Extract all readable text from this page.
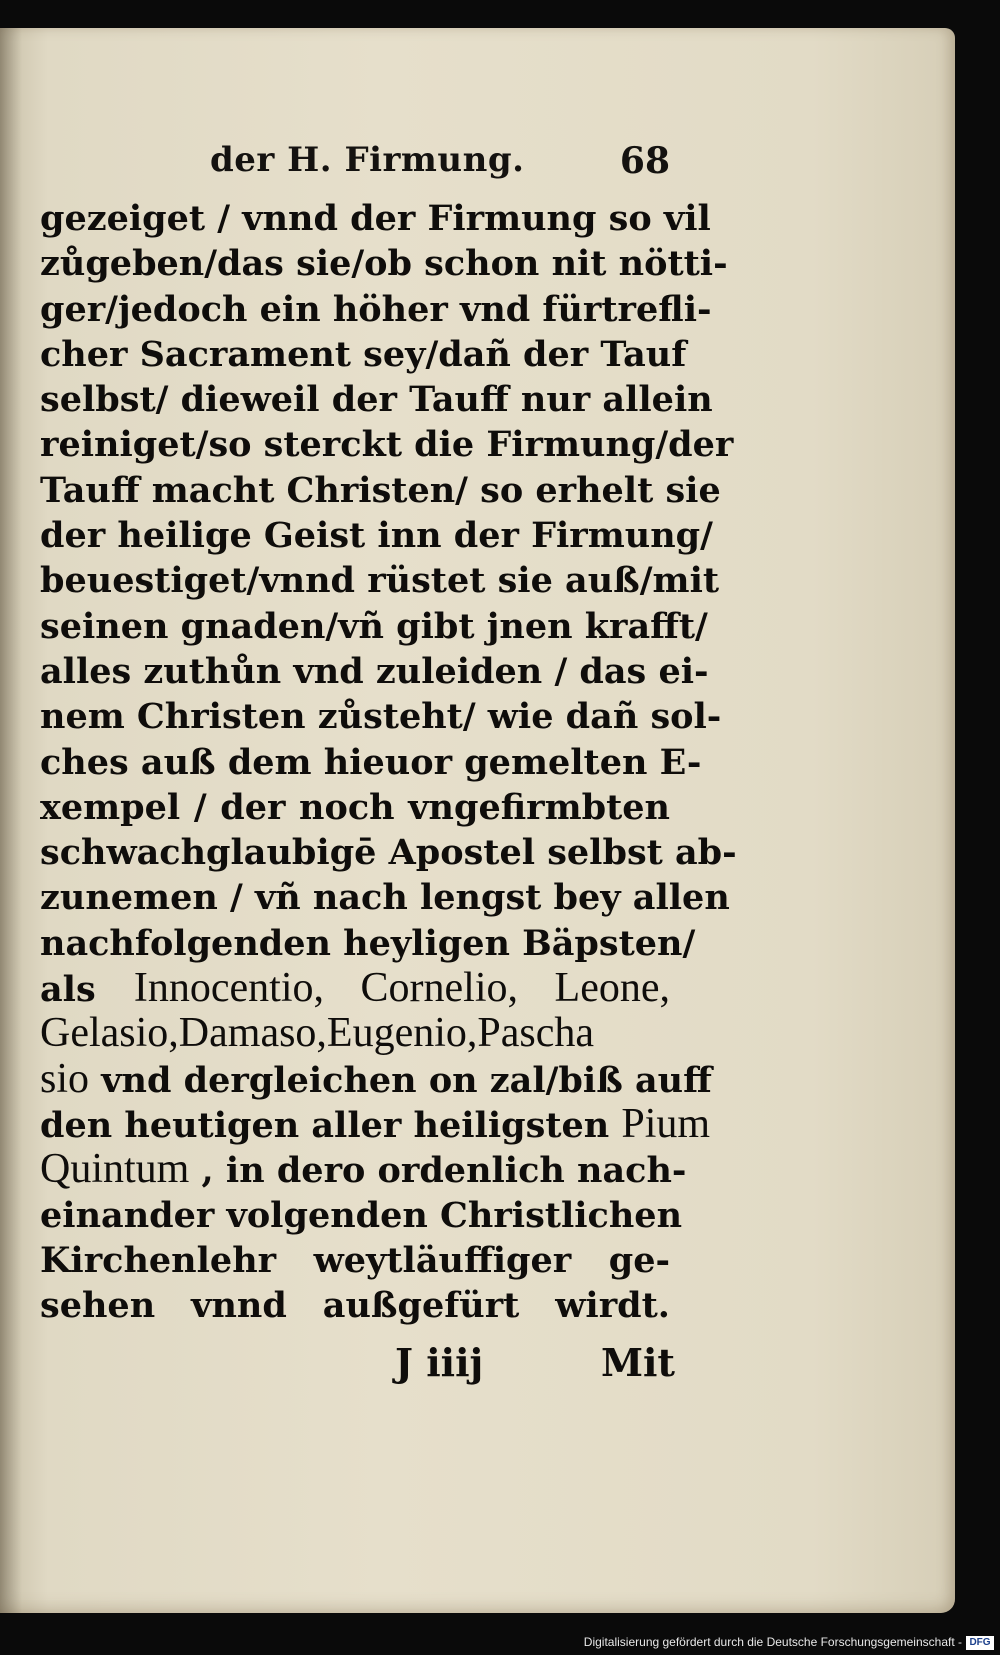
der H. Firmung.	68
gezeiget / vnnd der Firmung so vil
zůgeben/das sie/ob schon nit nötti-
ger/jedoch ein höher vnd fürtrefli-
cher Sacrament sey/dañ der Tauf
selbst/ dieweil der Tauff nur allein
reiniget/so sterckt die Firmung/der
Tauff macht Christen/ so erhelt sie
der heilige Geist inn der Firmung/
beuestiget/vnnd rüstet sie auß/mit
seinen gnaden/vñ gibt jnen krafft/
alles zuthůn vnd zuleiden / das ei-
nem Christen zůsteht/ wie dañ sol-
ches auß dem hieuor gemelten E-
xempel / der noch vngefirmbten
schwachglaubigē Apostel selbst ab-
zunemen / vñ nach lengst bey allen
nachfolgenden heyligen Bäpsten/
als Innocentio, Cornelio, Leone,
Gelasio,Damaso,Eugenio,Pascha
sio vnd dergleichen on zal/biß auff
den heutigen aller heiligsten Pium
Quintum , in dero ordenlich nach-
einander volgenden Christlichen
Kirchenlehr weytläuffiger ge-
sehen vnnd außgefürt wirdt.
J iiij	Mit
Digitalisierung gefördert durch die Deutsche Forschungsgemeinschaft - DFG
